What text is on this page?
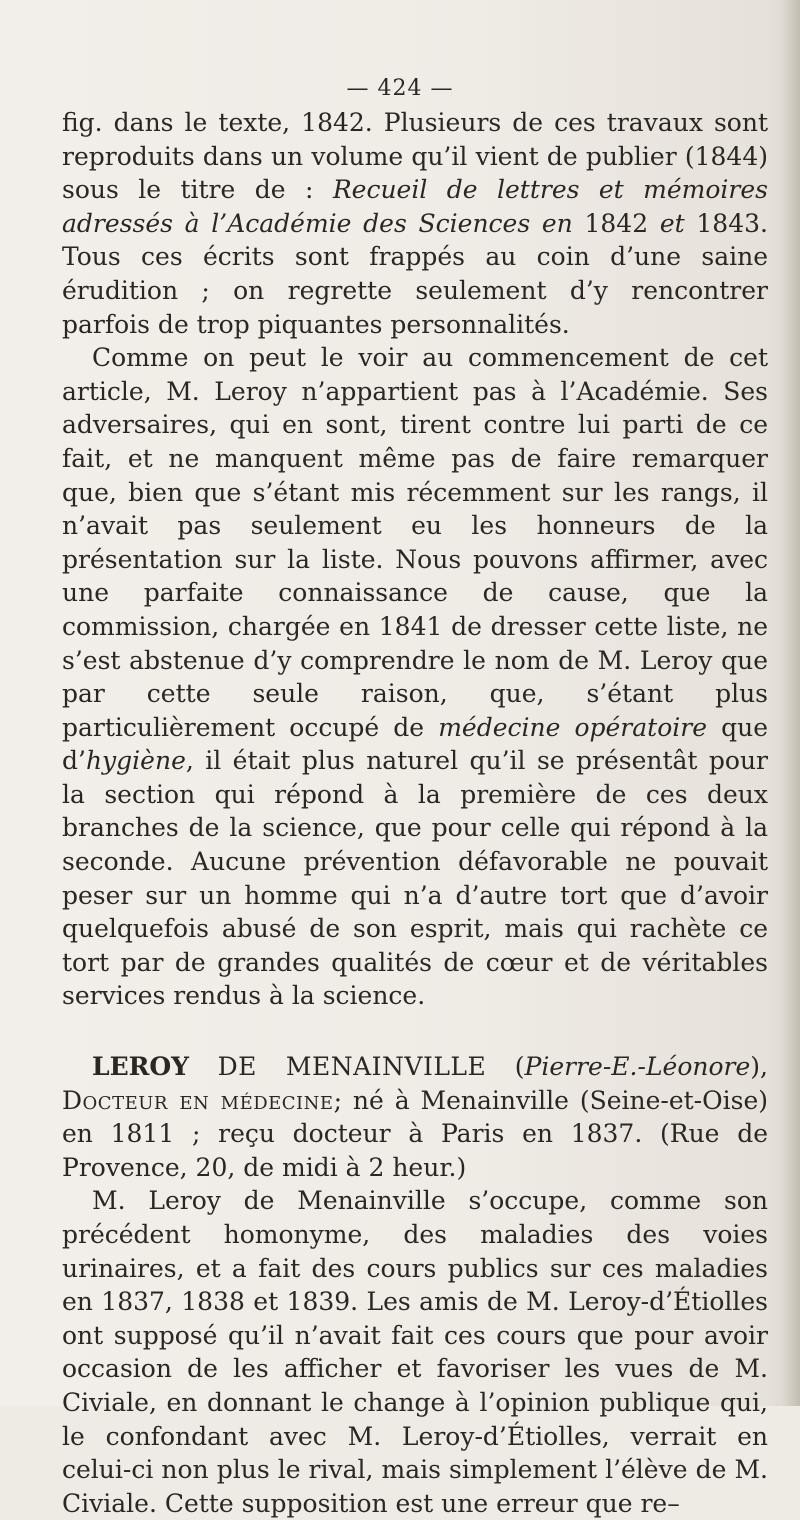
— 424 —

fig. dans le texte, 1842. Plusieurs de ces travaux sont reproduits dans un volume qu’il vient de publier (1844) sous le titre de : Recueil de lettres et mémoires adressés à l’Académie des Sciences en 1842 et 1843. Tous ces écrits sont frappés au coin d’une saine érudition ; on regrette seulement d’y rencontrer parfois de trop piquantes personnalités.

Comme on peut le voir au commencement de cet article, M. Leroy n’appartient pas à l’Académie. Ses adversaires, qui en sont, tirent contre lui parti de ce fait, et ne manquent même pas de faire remarquer que, bien que s’étant mis récemment sur les rangs, il n’avait pas seulement eu les honneurs de la présentation sur la liste. Nous pouvons affirmer, avec une parfaite connaissance de cause, que la commission, chargée en 1841 de dresser cette liste, ne s’est abstenue d’y comprendre le nom de M. Leroy que par cette seule raison, que, s’étant plus particulièrement occupé de médecine opératoire que d’hygiène, il était plus naturel qu’il se présentât pour la section qui répond à la première de ces deux branches de la science, que pour celle qui répond à la seconde. Aucune prévention défavorable ne pouvait peser sur un homme qui n’a d’autre tort que d’avoir quelquefois abusé de son esprit, mais qui rachète ce tort par de grandes qualités de cœur et de véritables services rendus à la science.

LEROY DE MENAINVILLE (Pierre-E.-Léonore), Docteur en médecine; né à Menainville (Seine-et-Oise) en 1811 ; reçu docteur à Paris en 1837. (Rue de Provence, 20, de midi à 2 heur.)

M. Leroy de Menainville s’occupe, comme son précédent homonyme, des maladies des voies urinaires, et a fait des cours publics sur ces maladies en 1837, 1838 et 1839. Les amis de M. Leroy-d’Étiolles ont supposé qu’il n’avait fait ces cours que pour avoir occasion de les afficher et favoriser les vues de M. Civiale, en donnant le change à l’opinion publique qui, le confondant avec M. Leroy-d’Étiolles, verrait en celui-ci non plus le rival, mais simplement l’élève de M. Civiale. Cette supposition est une erreur que re–
